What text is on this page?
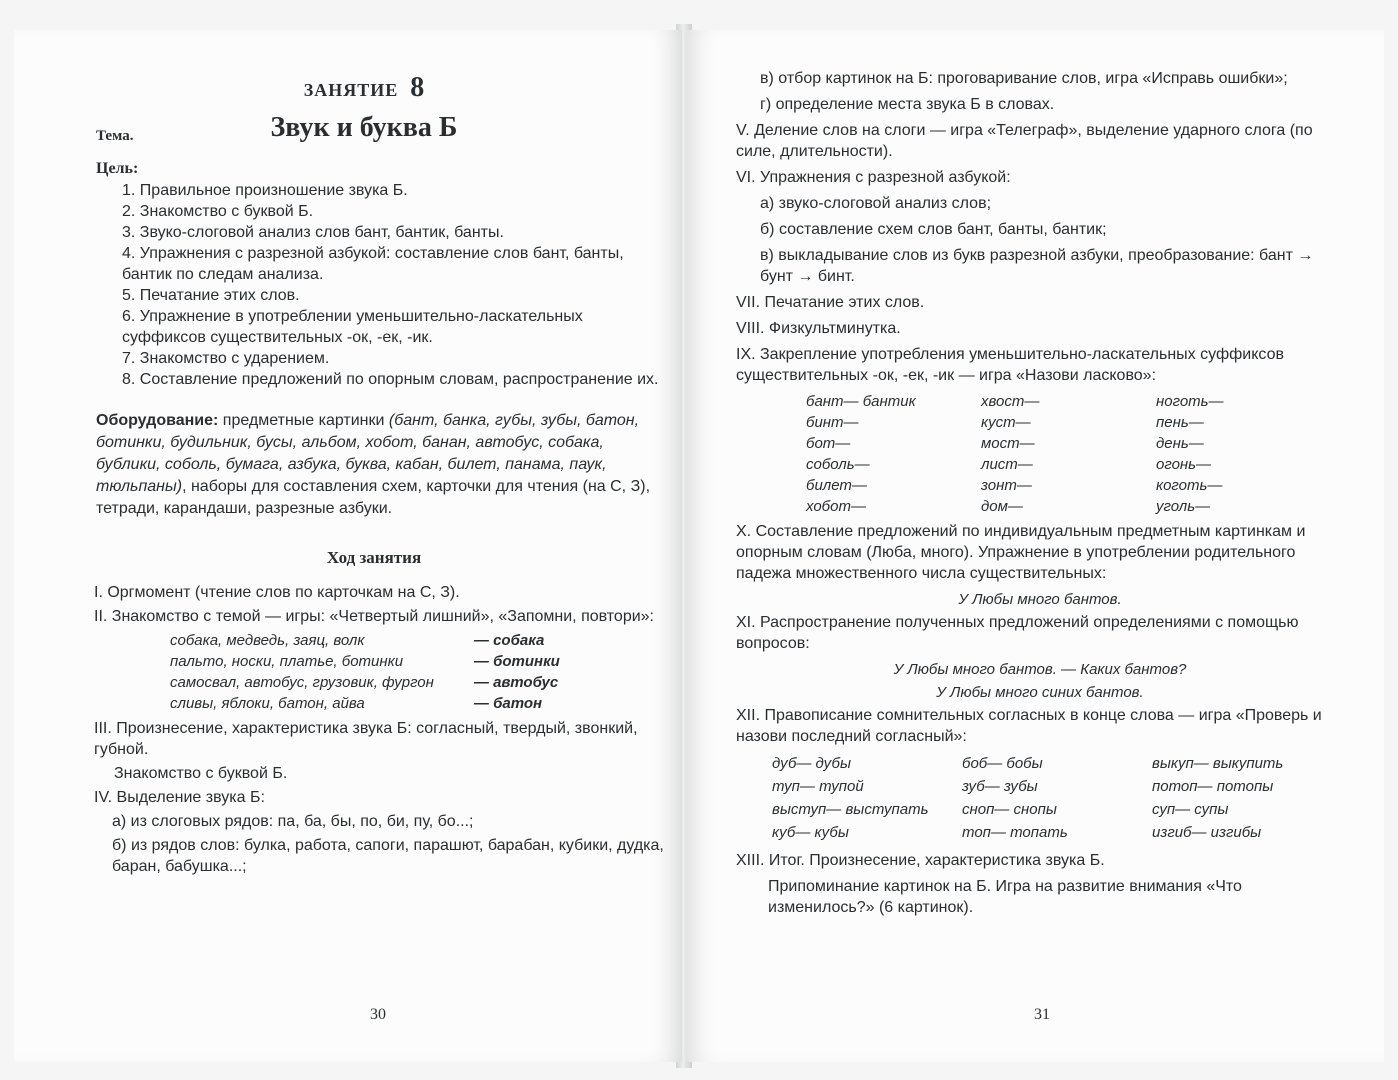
ЗАНЯТИЕ 8
Тема.	Звук и буква Б
Цель:
1. Правильное произношение звука Б.
2. Знакомство с буквой Б.
3. Звуко-слоговой анализ слов бант, бантик, банты.
4. Упражнения с разрезной азбукой: составление слов бант, банты, бантик по следам анализа.
5. Печатание этих слов.
6. Упражнение в употреблении уменьшительно-ласкательных суффиксов существительных -ок, -ек, -ик.
7. Знакомство с ударением.
8. Составление предложений по опорным словам, распространение их.
Оборудование: предметные картинки (бант, банка, губы, зубы, батон, ботинки, будильник, бусы, альбом, хобот, банан, автобус, собака, бублики, соболь, бумага, азбука, буква, кабан, билет, панама, паук, тюльпаны), наборы для составления схем, карточки для чтения (на С, З), тетради, карандаши, разрезные азбуки.
Ход занятия
I. Оргмомент (чтение слов по карточкам на С, З).
II. Знакомство с темой — игры: «Четвертый лишний», «Запомни, повтори»:
собака, медведь, заяц, волк	— собака
пальто, носки, платье, ботинки	— ботинки
самосвал, автобус, грузовик, фургон	— автобус
сливы, яблоки, батон, айва	— батон
III. Произнесение, характеристика звука Б: согласный, твердый, звонкий, губной.
Знакомство с буквой Б.
IV. Выделение звука Б:
а) из слоговых рядов: па, ба, бы, по, би, пу, бо...;
б) из рядов слов: булка, работа, сапоги, парашют, барабан, кубики, дудка, баран, бабушка...;
30
в) отбор картинок на Б: проговаривание слов, игра «Исправь ошибки»;
г) определение места звука Б в словах.
V. Деление слов на слоги — игра «Телеграф», выделение ударного слога (по силе, длительности).
VI. Упражнения с разрезной азбукой:
а) звуко-слоговой анализ слов;
б) составление схем слов бант, банты, бантик;
в) выкладывание слов из букв разрезной азбуки, преобразование: бант → бунт → бинт.
VII. Печатание этих слов.
VIII. Физкультминутка.
IX. Закрепление употребления уменьшительно-ласкательных суффиксов существительных -ок, -ек, -ик — игра «Назови ласково»:
бант— бантик	хвост—	ноготь—
бинт—	куст—	пень—
бот—	мост—	день—
соболь—	лист—	огонь—
билет—	зонт—	коготь—
хобот—	дом—	уголь—
X. Составление предложений по индивидуальным предметным картинкам и опорным словам (Люба, много). Упражнение в употреблении родительного падежа множественного числа существительных:
У Любы много бантов.
XI. Распространение полученных предложений определениями с помощью вопросов:
У Любы много бантов. — Каких бантов?
У Любы много синих бантов.
XII. Правописание сомнительных согласных в конце слова — игра «Проверь и назови последний согласный»:
дуб— дубы	боб— бобы	выкуп— выкупить
туп— тупой	зуб— зубы	потоп— потопы
выступ— выступать	сноп— снопы	суп— супы
куб— кубы	топ— топать	изгиб— изгибы
XIII. Итог. Произнесение, характеристика звука Б.
Припоминание картинок на Б. Игра на развитие внимания «Что изменилось?» (6 картинок).
31
